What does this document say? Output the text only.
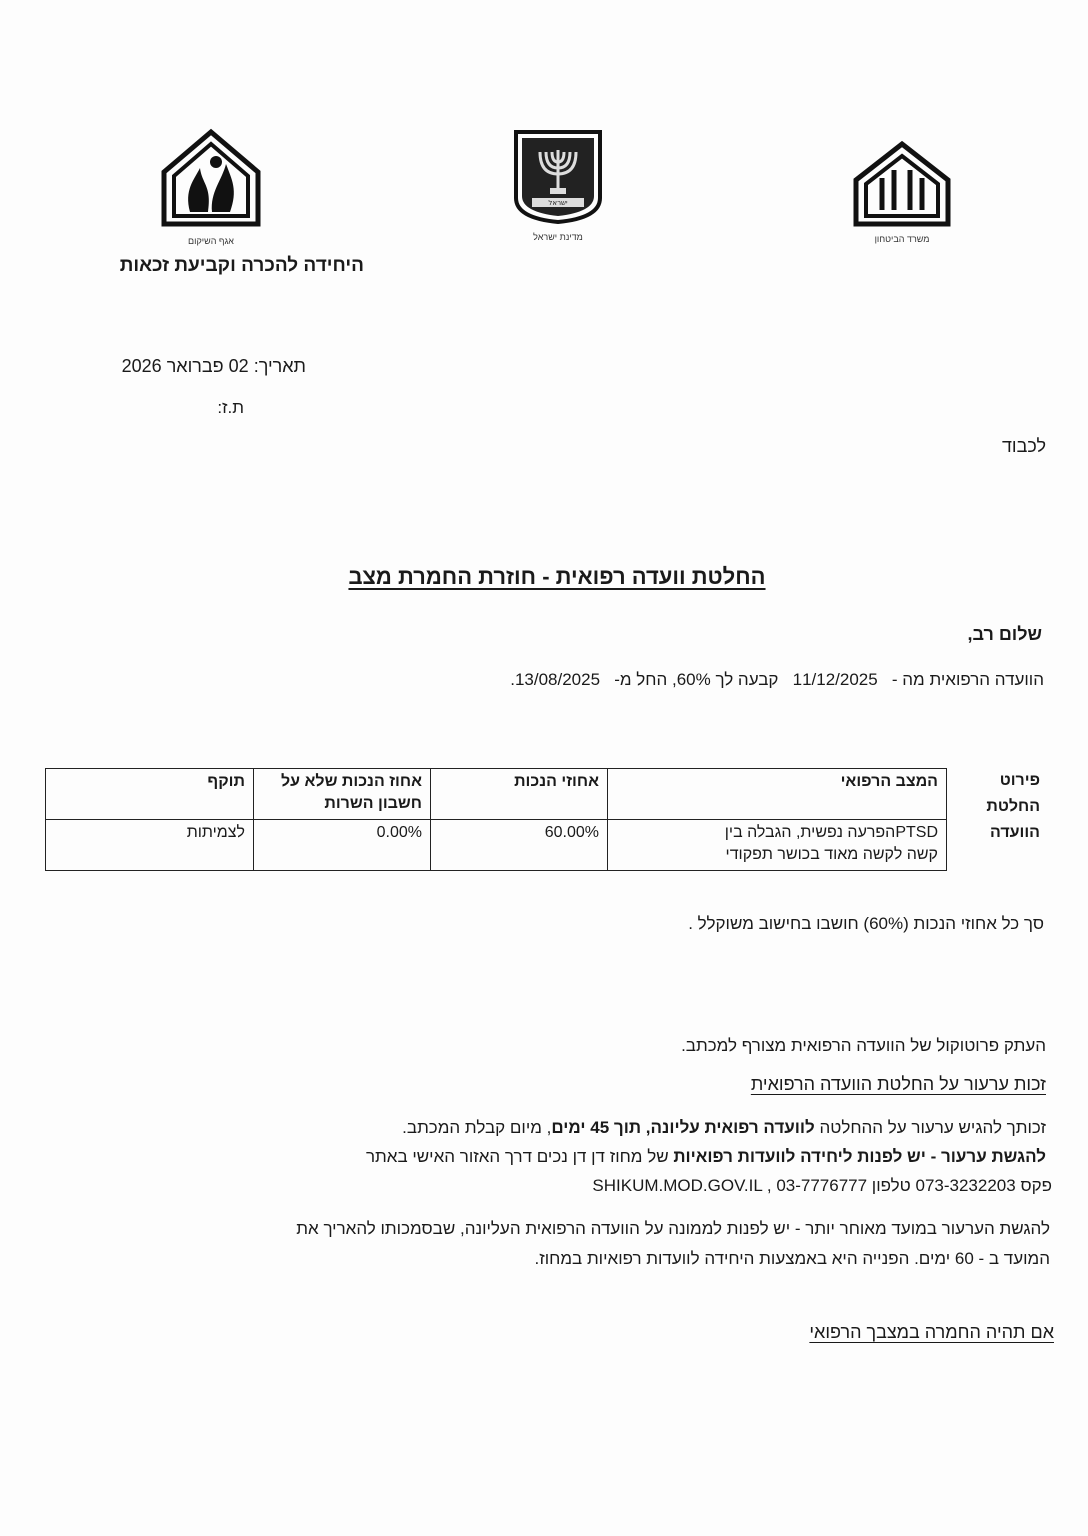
אגף השיקום
היחידה להכרה וקביעת זכאות
ישראל
מדינת ישראל	משרד הביטחון
תאריך: 02 פברואר 2026
ת.ז:
לכבוד
החלטת וועדה רפואית - חוזרת החמרת מצב
שלום רב,
הוועדה הרפואית מה -   11/12/2025   קבעה לך 60%, החל מ-   13/08/2025.
פירוט
החלטת
הוועדה
המצב הרפואי	אחוזי הנכות	אחוז הנכות שלא על חשבון השרות	תוקף

PTSDהפרעה נפשית, הגבלה בין
קשה לקשה מאוד בכושר תפקודי	60.00%	0.00%	לצמיתות
סך כל אחוזי הנכות (60%) חושבו בחישוב משוקלל .
העתק פרוטוקול של הוועדה הרפואית מצורף למכתב.
זכות ערעור על החלטת הוועדה הרפואית
זכותך להגיש ערעור על ההחלטה לוועדה רפואית עליונה, תוך 45 ימים, מיום קבלת המכתב.
להגשת ערעור - יש לפנות ליחידה לוועדות רפואיות של מחוז דן דן נכים דרך האזור האישי באתר
SHIKUM.MOD.GOV.IL , פקס 073-3232203 טלפון 03-7776777
להגשת הערעור במועד מאוחר יותר - יש לפנות לממונה על הוועדה הרפואית העליונה, שבסמכותו להאריך את
המועד ב - 60 ימים. הפנייה היא באמצעות היחידה לוועדות רפואיות במחוז.
אם תהיה החמרה במצבך הרפואי
